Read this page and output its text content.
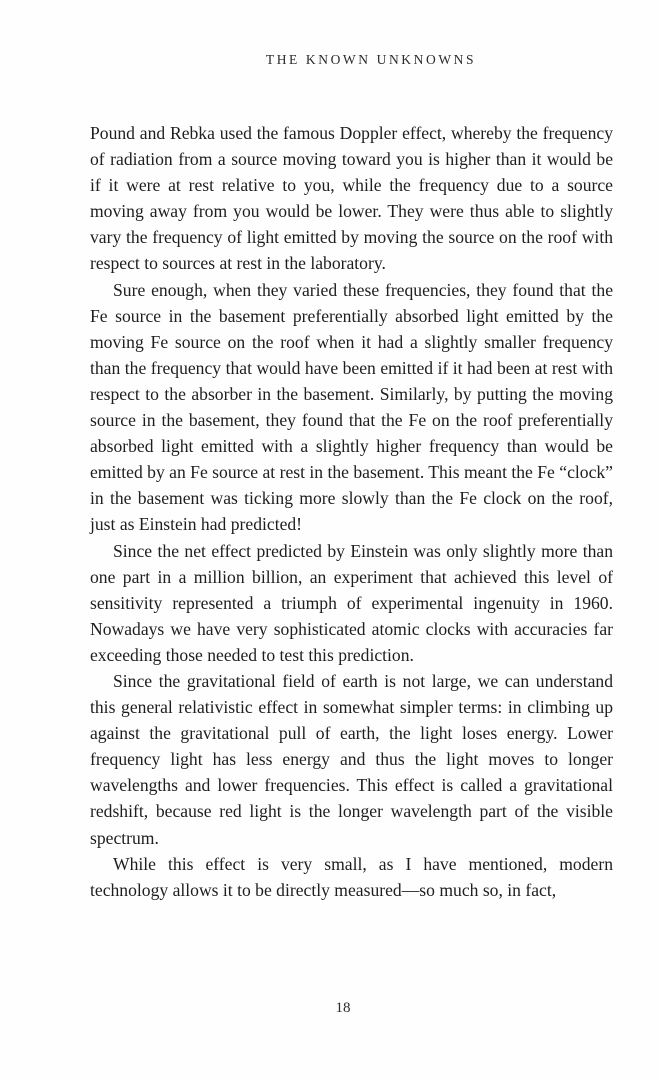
THE KNOWN UNKNOWNS

Pound and Rebka used the famous Doppler effect, whereby the frequency of radiation from a source moving toward you is higher than it would be if it were at rest relative to you, while the frequency due to a source moving away from you would be lower. They were thus able to slightly vary the frequency of light emitted by moving the source on the roof with respect to sources at rest in the laboratory.

Sure enough, when they varied these frequencies, they found that the Fe source in the basement preferentially absorbed light emitted by the moving Fe source on the roof when it had a slightly smaller frequency than the frequency that would have been emitted if it had been at rest with respect to the absorber in the basement. Similarly, by putting the moving source in the basement, they found that the Fe on the roof preferentially absorbed light emitted with a slightly higher frequency than would be emitted by an Fe source at rest in the basement. This meant the Fe “clock” in the basement was ticking more slowly than the Fe clock on the roof, just as Einstein had predicted!

Since the net effect predicted by Einstein was only slightly more than one part in a million billion, an experiment that achieved this level of sensitivity represented a triumph of experimental ingenuity in 1960. Nowadays we have very sophisticated atomic clocks with accuracies far exceeding those needed to test this prediction.

Since the gravitational field of earth is not large, we can understand this general relativistic effect in somewhat simpler terms: in climbing up against the gravitational pull of earth, the light loses energy. Lower frequency light has less energy and thus the light moves to longer wavelengths and lower frequencies. This effect is called a gravitational redshift, because red light is the longer wavelength part of the visible spectrum.

While this effect is very small, as I have mentioned, modern technology allows it to be directly measured—so much so, in fact,

18
